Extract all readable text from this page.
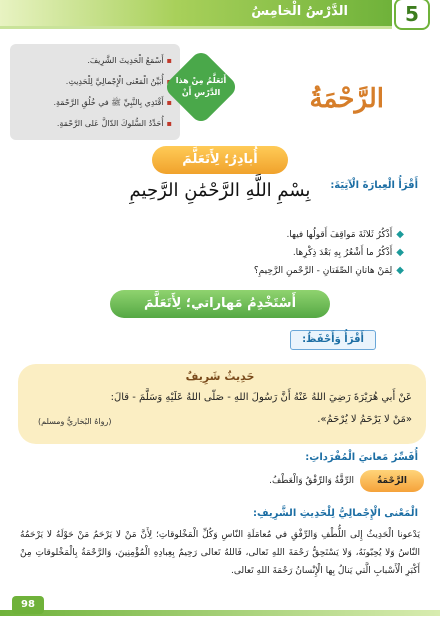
الدَّرْسُ الْخامِسُ	5
▪أَسْمَعُ الْحَدِيثَ الشَّرِيفَ.
أُبَيِّنُ الْمَعْنى الْإِجْمالِيَّ لِلْحَدِيثِ.
▪أَقْتَدِي بِالنَّبِيِّ ﷺ في خُلُقِ الرَّحْمَةِ.
▪أُحَدِّدُ السُّلوكَ الدّالَّ عَلى الرَّحْمَةِ.
أَتَعَلَّمُ مِنْ هذا الدَّرْسِ أَنْ	الرَّحْمَةُ
أُبادِرُ؛ لِأَتَعَلَّمَ
أَقْرَأُ الْعِبارَةَ الْآتِيَةَ:
بِسْمِ اللَّهِ الرَّحْمَٰنِ الرَّحِيمِ
◆أَذْكُرُ ثَلاثَةَ مَواقِفَ أَقولُها فيها.
◆أَذْكُرُ ما أَشْعُرُ بِهِ بَعْدَ ذِكْرِها.
◆لِمَنْ هاتانِ الصِّفَتانِ - الرَّحْمنِ الرَّحِيمِ؟
أَسْتَخْدِمُ مَهاراتي؛ لِأَتَعَلَّمَ
أَقْرَأُ وَأَحْفَظُ:
حَدِيثٌ شَرِيفٌ
عَنْ أَبي هُرَيْرَةَ رَضِيَ اللهُ عَنْهُ أَنَّ رَسُولَ اللهِ - صَلّى اللهُ عَلَيْهِ وَسَلَّمَ - قالَ:
«مَنْ لا يَرْحَمُ لا يُرْحَمُ».
(رواهُ البُخاريُّ ومسلم)
أُفَسِّرُ مَعانيَ الْمُفْرَداتِ:
الرَّحْمَةُ
الرِّقَّةُ وَالرِّفْقُ وَالْعَطْفُ.
الْمَعْنى الْإِجْمالِيُّ لِلْحَدِيثِ الشَّرِيفِ:

يَدْعونا الْحَدِيثُ إِلى اللُّطْفِ وَالرِّفْقِ في مُعامَلَةِ النّاسِ وَكُلِّ الْمَخْلوقاتِ؛ لِأَنَّ مَنْ لا يَرْحَمُ مَنْ حَوْلَهُ لا يَرْحَمُهُ النّاسُ وَلا يُحِبّونَهُ، وَلا يَسْتَحِقُّ رَحْمَةَ اللهِ تَعالى، فَاللهُ تَعالى رَحِيمٌ بِعِبادِهِ الْمُؤْمِنِينَ، وَالرَّحْمَةُ بِالْمَخْلوقاتِ مِنْ أَكْبَرِ الْأَسْبابِ الَّتي يَنالُ بِها الْإِنْسانُ رَحْمَةَ اللهِ تَعالى.

98
